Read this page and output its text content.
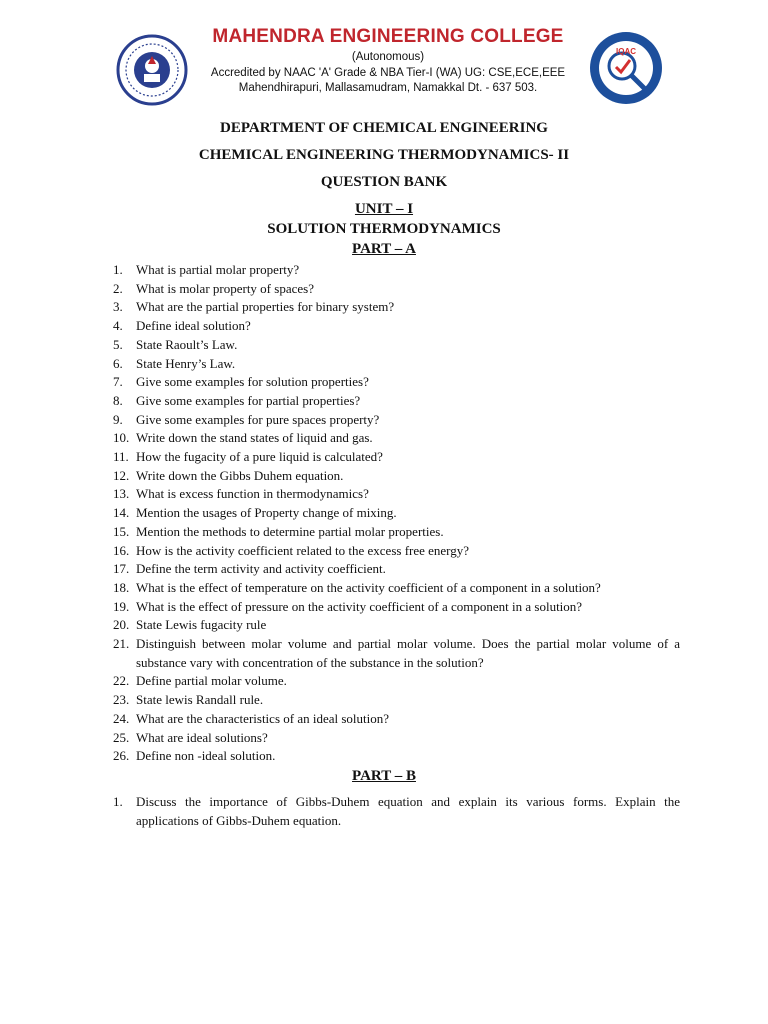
MAHENDRA ENGINEERING COLLEGE
(Autonomous)
Accredited by NAAC 'A' Grade & NBA Tier-I (WA) UG: CSE,ECE,EEE
Mahendhirapuri, Mallasamudram, Namakkal Dt. - 637 503.
IQAC
DEPARTMENT OF CHEMICAL ENGINEERING
CHEMICAL ENGINEERING THERMODYNAMICS- II
QUESTION BANK
UNIT – I
SOLUTION THERMODYNAMICS
PART – A
1. What is partial molar property?
2. What is molar property of spaces?
3. What are the partial properties for binary system?
4. Define ideal solution?
5. State Raoult’s Law.
6. State Henry’s Law.
7. Give some examples for solution properties?
8. Give some examples for partial properties?
9. Give some examples for pure spaces property?
10. Write down the stand states of liquid and gas.
11. How the fugacity of a pure liquid is calculated?
12. Write down the Gibbs Duhem equation.
13. What is excess function in thermodynamics?
14. Mention the usages of Property change of mixing.
15. Mention the methods to determine partial molar properties.
16. How is the activity coefficient related to the excess free energy?
17. Define the term activity and activity coefficient.
18. What is the effect of temperature on the activity coefficient of a component in a solution?
19. What is the effect of pressure on the activity coefficient of a component in a solution?
20. State Lewis fugacity rule
21. Distinguish between molar volume and partial molar volume. Does the partial molar volume of a substance vary with concentration of the substance in the solution?
22. Define partial molar volume.
23. State lewis Randall rule.
24. What are the characteristics of an ideal solution?
25. What are ideal solutions?
26. Define non -ideal solution.
PART – B
1. Discuss the importance of Gibbs-Duhem equation and explain its various forms. Explain the applications of Gibbs-Duhem equation.
